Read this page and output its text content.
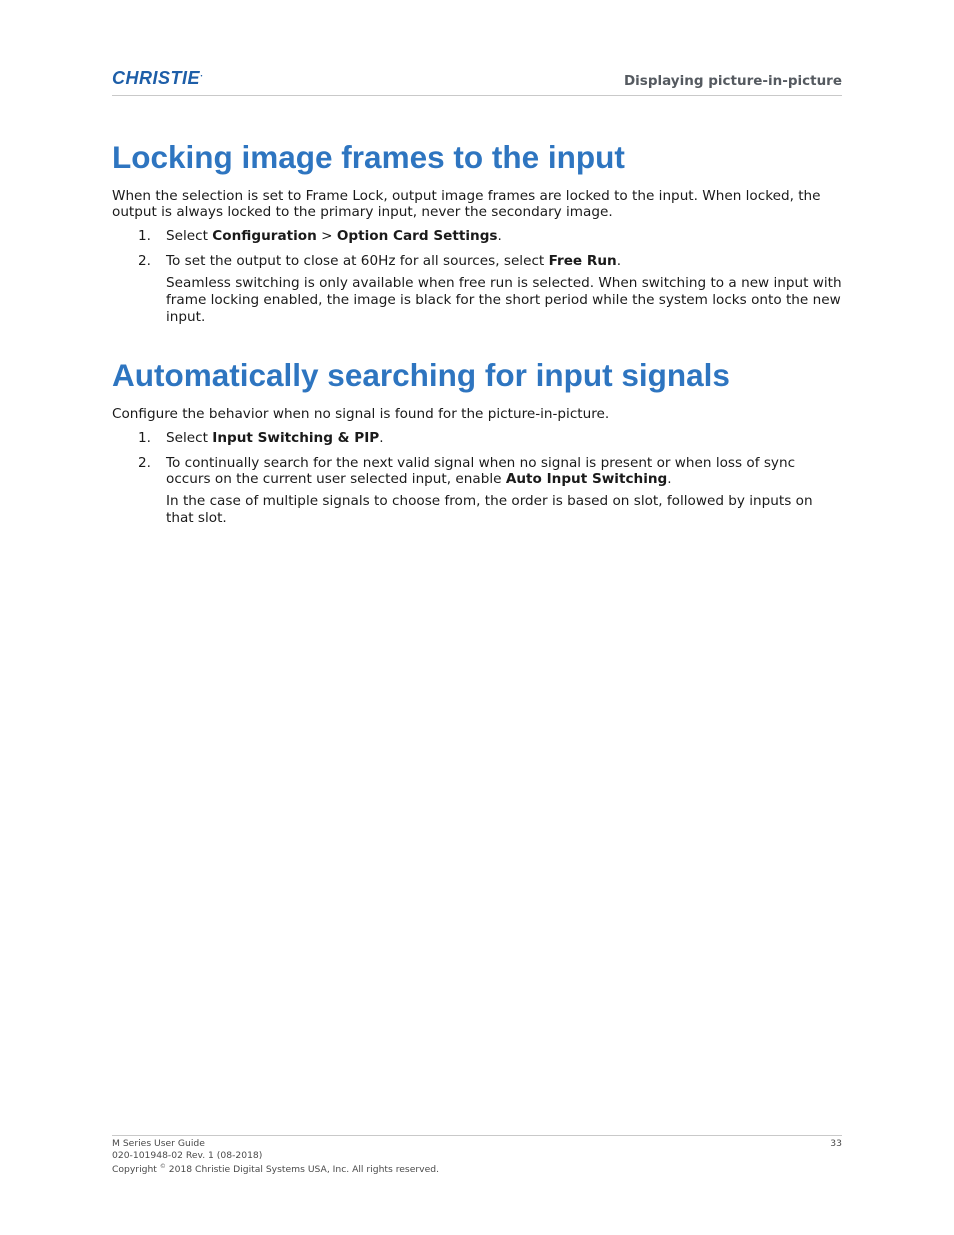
CHRISTIE•	Displaying picture-in-picture
Locking image frames to the input

When the selection is set to Frame Lock, output image frames are locked to the input. When locked, the output is always locked to the primary input, never the secondary image.

1. Select Configuration > Option Card Settings.
2. To set the output to close at 60Hz for all sources, select Free Run.
Seamless switching is only available when free run is selected. When switching to a new input with frame locking enabled, the image is black for the short period while the system locks onto the new input.
Automatically searching for input signals

Configure the behavior when no signal is found for the picture-in-picture.

1. Select Input Switching & PIP.
2. To continually search for the next valid signal when no signal is present or when loss of sync occurs on the current user selected input, enable Auto Input Switching.
In the case of multiple signals to choose from, the order is based on slot, followed by inputs on that slot.
M Series User Guide
020-101948-02 Rev. 1 (08-2018)
Copyright © 2018 Christie Digital Systems USA, Inc. All rights reserved.
33
